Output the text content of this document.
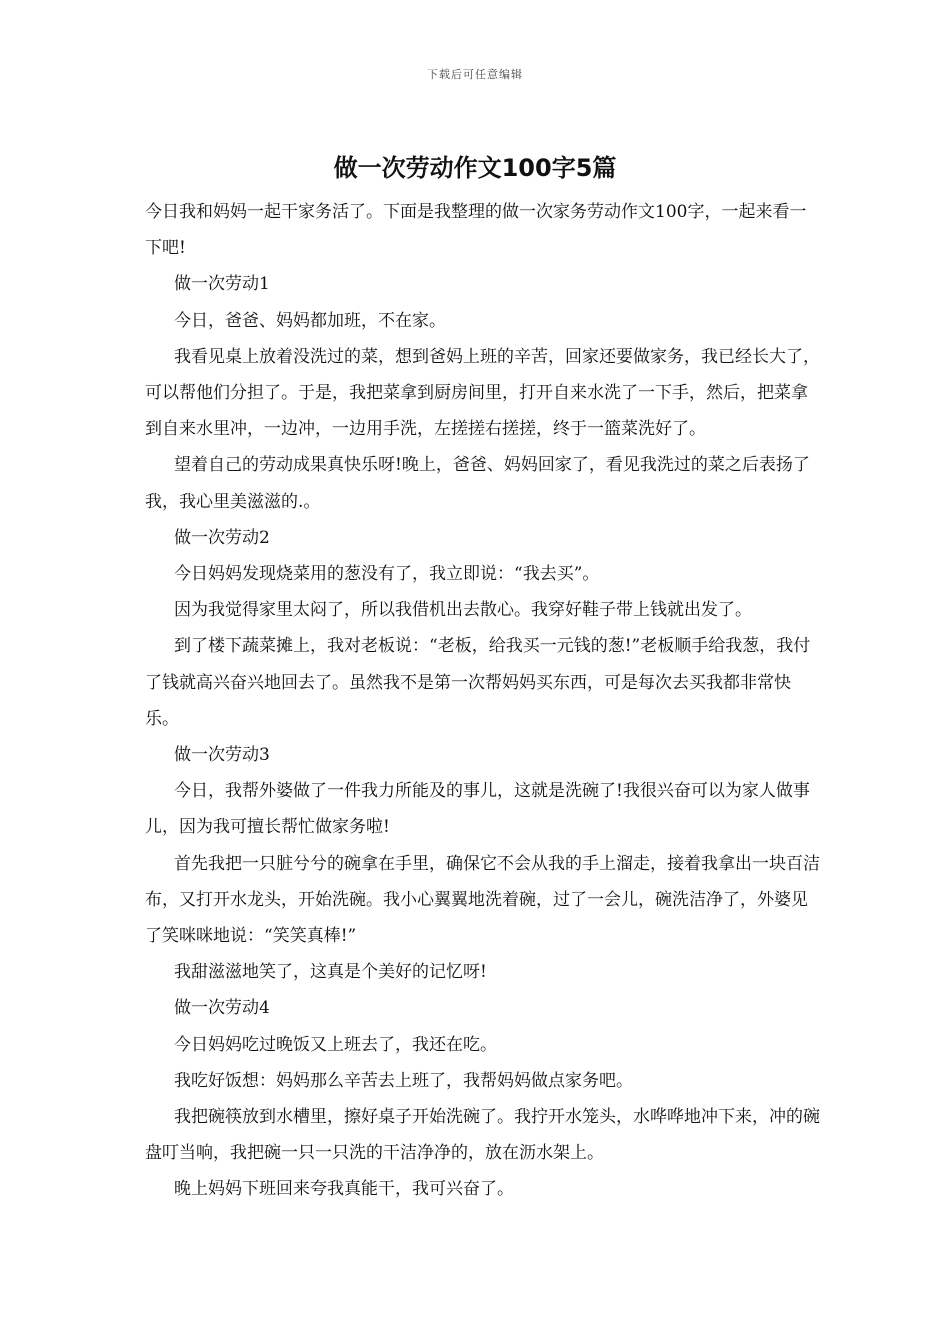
下载后可任意编辑
做一次劳动作文100字5篇

今日我和妈妈一起干家务活了。下面是我整理的做一次家务劳动作文100字，一起来看一下吧!

做一次劳动1

今日，爸爸、妈妈都加班，不在家。

我看见桌上放着没洗过的菜，想到爸妈上班的辛苦，回家还要做家务，我已经长大了，可以帮他们分担了。于是，我把菜拿到厨房间里，打开自来水洗了一下手，然后，把菜拿到自来水里冲，一边冲，一边用手洗，左搓搓右搓搓，终于一篮菜洗好了。

望着自己的劳动成果真快乐呀!晚上，爸爸、妈妈回家了，看见我洗过的菜之后表扬了我，我心里美滋滋的.。

做一次劳动2

今日妈妈发现烧菜用的葱没有了，我立即说：“我去买”。

因为我觉得家里太闷了，所以我借机出去散心。我穿好鞋子带上钱就出发了。

到了楼下蔬菜摊上，我对老板说：“老板，给我买一元钱的葱!”老板顺手给我葱，我付了钱就高兴奋兴地回去了。虽然我不是第一次帮妈妈买东西，可是每次去买我都非常快乐。

做一次劳动3

今日，我帮外婆做了一件我力所能及的事儿，这就是洗碗了!我很兴奋可以为家人做事儿，因为我可擅长帮忙做家务啦!

首先我把一只脏兮兮的碗拿在手里，确保它不会从我的手上溜走，接着我拿出一块百洁布，又打开水龙头，开始洗碗。我小心翼翼地洗着碗，过了一会儿，碗洗洁净了，外婆见了笑咪咪地说：“笑笑真棒!”

我甜滋滋地笑了，这真是个美好的记忆呀!

做一次劳动4

今日妈妈吃过晚饭又上班去了，我还在吃。

我吃好饭想：妈妈那么辛苦去上班了，我帮妈妈做点家务吧。

我把碗筷放到水槽里，擦好桌子开始洗碗了。我拧开水笼头，水哗哗地冲下来，冲的碗盘叮当响，我把碗一只一只洗的干洁净净的，放在沥水架上。

晚上妈妈下班回来夸我真能干，我可兴奋了。
